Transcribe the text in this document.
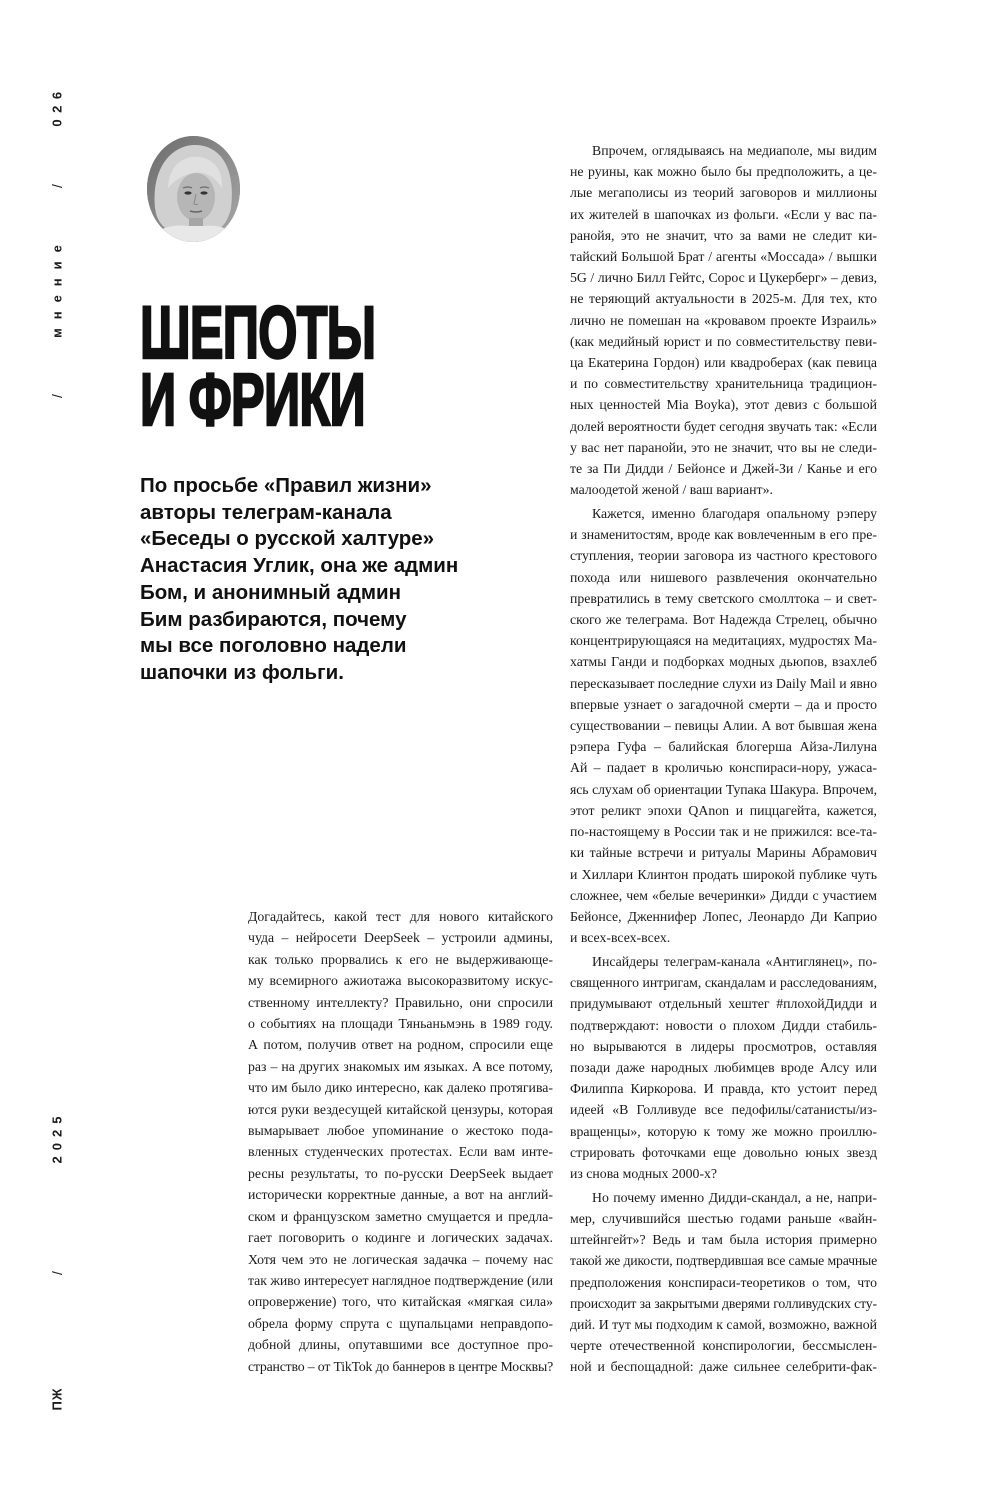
026
/
мнение
/
2025
/
ПЖ
ШЕПОТЫ
И ФРИКИ
По просьбе «Правил жизни»
авторы телеграм-канала
«Беседы о русской халтуре»
Анастасия Углик, она же админ
Бом, и анонимный админ
Бим разбираются, почему
мы все поголовно надели
шапочки из фольги.
Догадайтесь, какой тест для нового китайского
чуда – нейросети DeepSeek – устроили админы,
как только прорвались к его не выдерживающе-
му всемирного ажиотажа высокоразвитому искус-
ственному интеллекту? Правильно, они спросили
о событиях на площади Тяньаньмэнь в 1989 году.
А потом, получив ответ на родном, спросили еще
раз – на других знакомых им языках. А все потому,
что им было дико интересно, как далеко протягива-
ются руки вездесущей китайской цензуры, которая
вымарывает любое упоминание о жестоко пода-
вленных студенческих протестах. Если вам инте-
ресны результаты, то по-русски DeepSeek выдает
исторически корректные данные, а вот на англий-
ском и французском заметно смущается и предла-
гает поговорить о кодинге и логических задачах.
Хотя чем это не логическая задачка – почему нас
так живо интересует наглядное подтверждение (или
опровержение) того, что китайская «мягкая сила»
обрела форму спрута с щупальцами неправдопо-
добной длины, опутавшими все доступное про-
странство – от TikTok до баннеров в центре Москвы?
Впрочем, оглядываясь на медиаполе, мы видим
не руины, как можно было бы предположить, а це-
лые мегаполисы из теорий заговоров и миллионы
их жителей в шапочках из фольги. «Если у вас па-
ранойя, это не значит, что за вами не следит ки-
тайский Большой Брат / агенты «Моссада» / вышки
5G / лично Билл Гейтс, Сорос и Цукерберг» – девиз,
не теряющий актуальности в 2025-м. Для тех, кто
лично не помешан на «кровавом проекте Израиль»
(как медийный юрист и по совместительству певи-
ца Екатерина Гордон) или квадроберах (как певица
и по совместительству хранительница традицион-
ных ценностей Mia Boyka), этот девиз с большой
долей вероятности будет сегодня звучать так: «Если
у вас нет паранойи, это не значит, что вы не следи-
те за Пи Дидди / Бейонсе и Джей-Зи / Канье и его
малоодетой женой / ваш вариант».
Кажется, именно благодаря опальному рэперу
и знаменитостям, вроде как вовлеченным в его пре-
ступления, теории заговора из частного крестового
похода или нишевого развлечения окончательно
превратились в тему светского смоллтока – и свет-
ского же телеграма. Вот Надежда Стрелец, обычно
концентрирующаяся на медитациях, мудростях Ма-
хатмы Ганди и подборках модных дьюпов, взахлеб
пересказывает последние слухи из Daily Mail и явно
впервые узнает о загадочной смерти – да и просто
существовании – певицы Алии. А вот бывшая жена
рэпера Гуфа – балийская блогерша Айза-Лилуна
Ай – падает в кроличью конспираси-нору, ужаса-
ясь слухам об ориентации Тупака Шакура. Впрочем,
этот реликт эпохи QAnon и пиццагейта, кажется,
по-настоящему в России так и не прижился: все-та-
ки тайные встречи и ритуалы Марины Абрамович
и Хиллари Клинтон продать широкой публике чуть
сложнее, чем «белые вечеринки» Дидди с участием
Бейонсе, Дженнифер Лопес, Леонардо Ди Каприо
и всех-всех-всех.
Инсайдеры телеграм-канала «Антиглянец», по-
священного интригам, скандалам и расследованиям,
придумывают отдельный хештег #плохойДидди и
подтверждают: новости о плохом Дидди стабиль-
но вырываются в лидеры просмотров, оставляя
позади даже народных любимцев вроде Алсу или
Филиппа Киркорова. И правда, кто устоит перед
идеей «В Голливуде все педофилы/сатанисты/из-
вращенцы», которую к тому же можно проиллю-
стрировать фоточками еще довольно юных звезд
из снова модных 2000-х?
Но почему именно Дидди-скандал, а не, напри-
мер, случившийся шестью годами раньше «вайн-
штейнгейт»? Ведь и там была история примерно
такой же дикости, подтвердившая все самые мрачные
предположения конспираси-теоретиков о том, что
происходит за закрытыми дверями голливудских сту-
дий. И тут мы подходим к самой, возможно, важной
черте отечественной конспирологии, бессмыслен-
ной и беспощадной: даже сильнее селебрити-фак-
